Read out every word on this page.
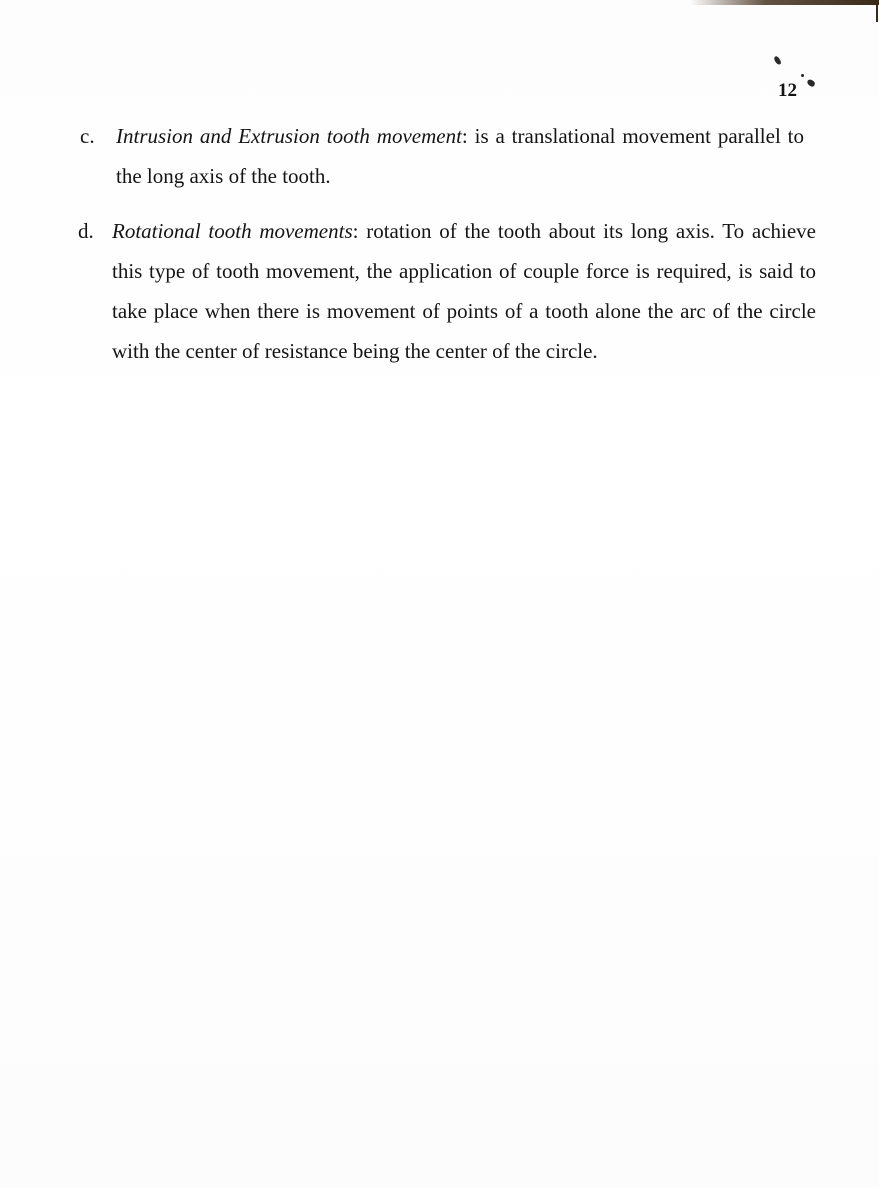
12
c. Intrusion and Extrusion tooth movement: is a translational movement parallel to the long axis of the tooth.
d. Rotational tooth movements: rotation of the tooth about its long axis. To achieve this type of tooth movement, the application of couple force is required, is said to take place when there is movement of points of a tooth alone the arc of the circle with the center of resistance being the center of the circle.
